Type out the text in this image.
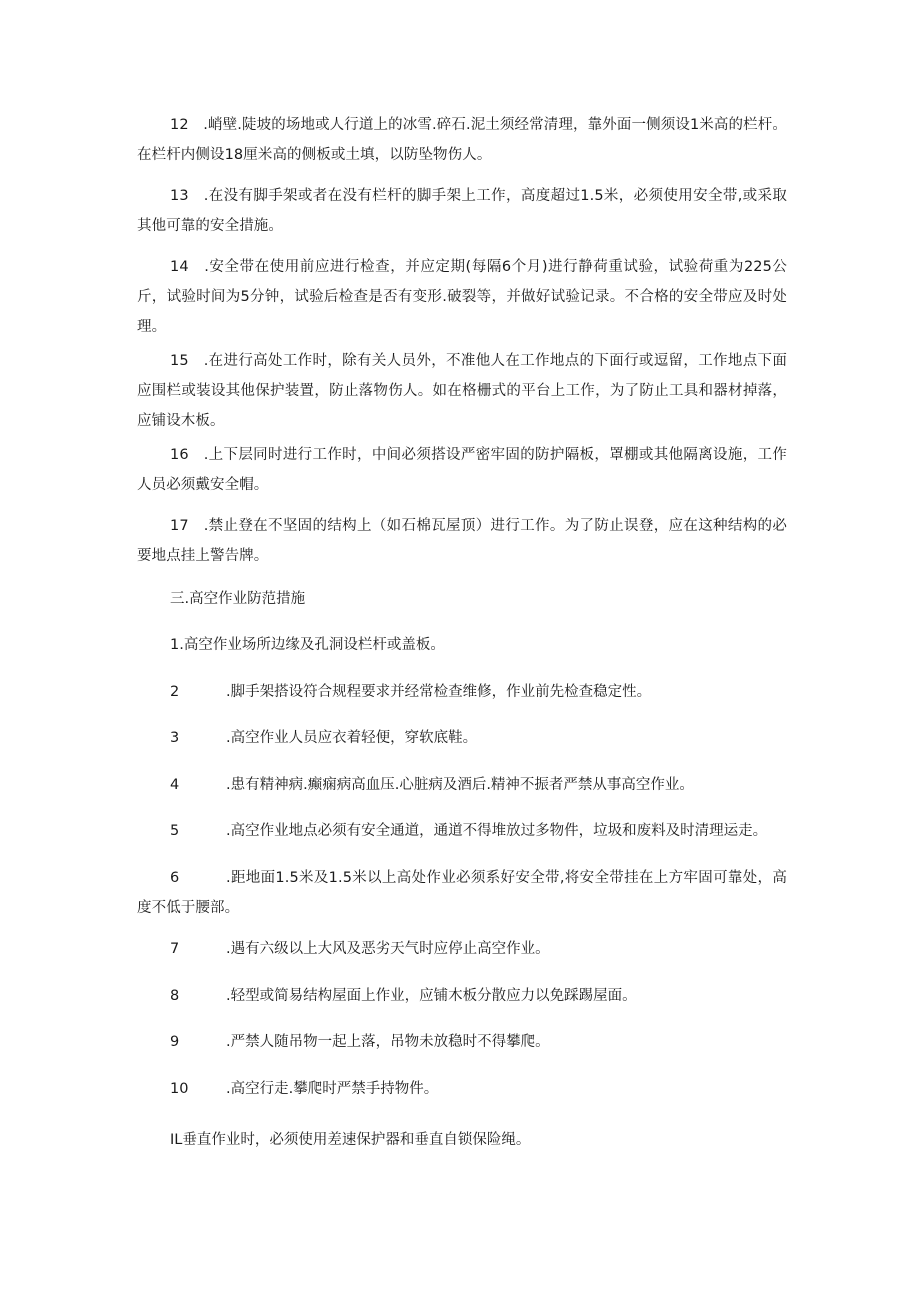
12　.峭壁.陡坡的场地或人行道上的冰雪.碎石.泥土须经常清理，靠外面一侧须设1米高的栏杆。在栏杆内侧设18厘米高的侧板或土填，以防坠物伤人。

13　.在没有脚手架或者在没有栏杆的脚手架上工作，高度超过1.5米，必须使用安全带,或采取其他可靠的安全措施。

14　.安全带在使用前应进行检查，并应定期(每隔6个月)进行静荷重试验，试验荷重为225公斤，试验时间为5分钟，试验后检查是否有变形.破裂等，并做好试验记录。不合格的安全带应及时处理。

15　.在进行高处工作时，除有关人员外，不准他人在工作地点的下面行或逗留，工作地点下面应围栏或装设其他保护装置，防止落物伤人。如在格栅式的平台上工作，为了防止工具和器材掉落，应铺设木板。

16　.上下层同时进行工作时，中间必须搭设严密牢固的防护隔板，罩棚或其他隔离设施，工作人员必须戴安全帽。

17　.禁止登在不坚固的结构上（如石棉瓦屋顶）进行工作。为了防止误登，应在这种结构的必要地点挂上警告牌。

三.高空作业防范措施

1.高空作业场所边缘及孔洞设栏杆或盖板。

2	.脚手架搭设符合规程要求并经常检查维修，作业前先检查稳定性。

3	.高空作业人员应衣着轻便，穿软底鞋。

4	.患有精神病.癫痫病高血压.心脏病及酒后.精神不振者严禁从事高空作业。

5	.高空作业地点必须有安全通道，通道不得堆放过多物件，垃圾和废料及时清理运走。

6	.距地面1.5米及1.5米以上高处作业必须系好安全带,将安全带挂在上方牢固可靠处，高度不低于腰部。

7	.遇有六级以上大风及恶劣天气时应停止高空作业。

8	.轻型或简易结构屋面上作业，应铺木板分散应力以免踩踢屋面。

9	.严禁人随吊物一起上落，吊物未放稳时不得攀爬。

10	.高空行走.攀爬时严禁手持物件。

IL垂直作业时，必须使用差速保护器和垂直自锁保险绳。
